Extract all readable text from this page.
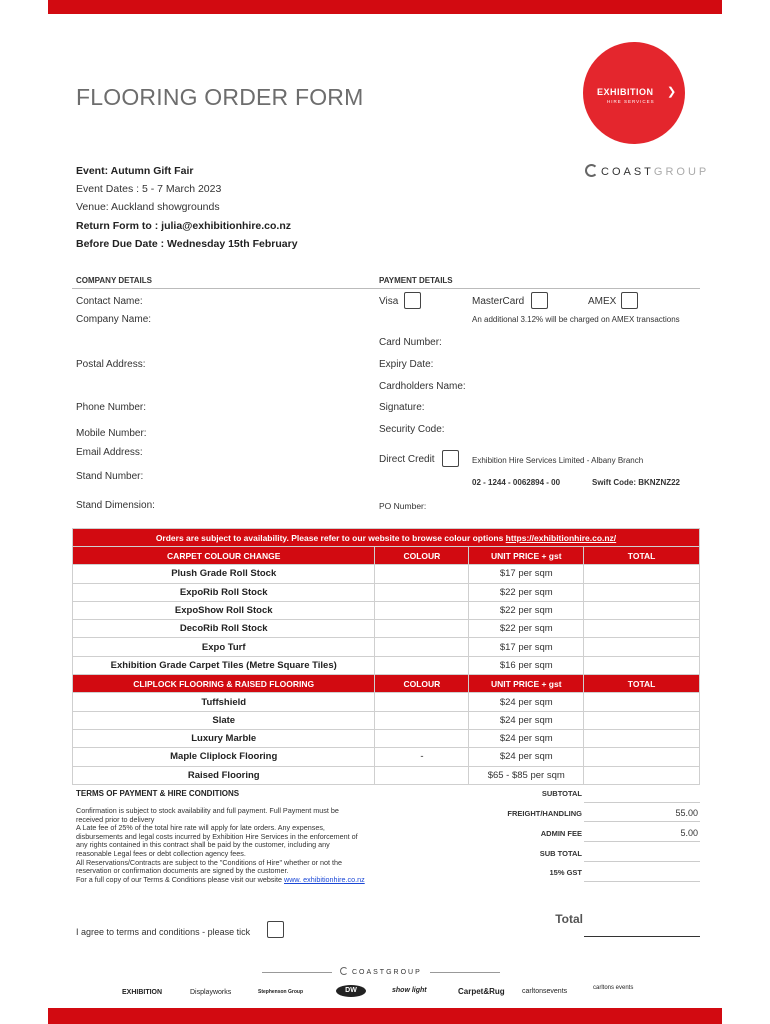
FLOORING ORDER FORM	EXHIBITION ❯
HIRE SERVICES
COASTGROUP
Event: Autumn Gift Fair
Event Dates : 5 - 7 March 2023
Venue: Auckland showgrounds
Return Form to : julia@exhibitionhire.co.nz
Before Due Date : Wednesday 15th February
COMPANY DETAILS	PAYMENT DETAILS
Contact Name:
Company Name:
Postal Address:
Phone Number:
Mobile Number:
Email Address:
Stand Number:
Stand Dimension:
Visa	MasterCard	AMEX
An additional 3.12% will be charged on AMEX transactions
Card Number:
Expiry Date:
Cardholders Name:
Signature:
Security Code:
Direct Credit	Exhibition Hire Services Limited - Albany Branch
02 - 1244 - 0062894 - 00	Swift Code: BKNZNZ22
PO Number:
Orders are subject to availability. Please refer to our website to browse colour options https://exhibitionhire.co.nz/			
CARPET COLOUR CHANGE	COLOUR	UNIT PRICE + gst	TOTAL
Plush Grade Roll Stock		$17 per sqm	
ExpoRib Roll Stock		$22 per sqm	
ExpoShow Roll Stock		$22 per sqm	
DecoRib Roll Stock		$22 per sqm	
Expo Turf		$17 per sqm	
Exhibition Grade Carpet Tiles (Metre Square Tiles)		$16 per sqm	
CLIPLOCK FLOORING & RAISED FLOORING	COLOUR	UNIT PRICE + gst	TOTAL
Tuffshield		$24 per sqm	
Slate		$24 per sqm	
Luxury Marble		$24 per sqm	
Maple Cliplock Flooring	-	$24 per sqm	
Raised Flooring		$65 - $85 per sqm	
TERMS OF PAYMENT & HIRE CONDITIONS
Confirmation is subject to stock availability and full payment. Full Payment must be received prior to delivery
A Late fee of 25% of the total hire rate will apply for late orders. Any expenses, disbursements and legal costs incurred by Exhibition Hire Services in the enforcement of any rights contained in this contract shall be paid by the customer, including any reasonable Legal fees or debt collection agency fees.
All Reservations/Contracts are subject to the "Conditions of Hire" whether or not the reservation or confirmation documents are signed by the customer.
For a full copy of our Terms & Conditions please visit our website www. exhibitionhire.co.nz
I agree to terms and conditions - please tick
SUBTOTAL
FREIGHT/HANDLING	55.00
ADMIN FEE	5.00
SUB TOTAL
15% GST
Total
COASTGROUP
EXHIBITION	Displayworks	Stephenson Group	DW	show light	Carpet&Rug carltonsevents	carltons events
